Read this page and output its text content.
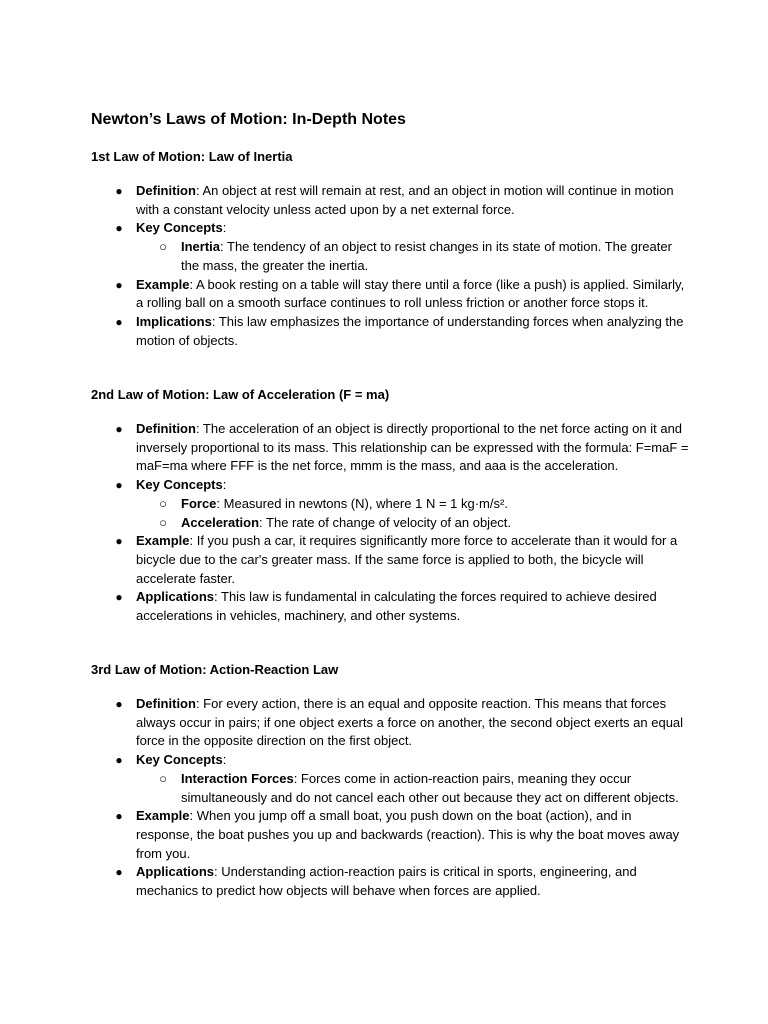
Newton’s Laws of Motion: In-Depth Notes
1st Law of Motion: Law of Inertia
● Definition: An object at rest will remain at rest, and an object in motion will continue in motion with a constant velocity unless acted upon by a net external force.
● Key Concepts:
○ Inertia: The tendency of an object to resist changes in its state of motion. The greater the mass, the greater the inertia.
● Example: A book resting on a table will stay there until a force (like a push) is applied. Similarly, a rolling ball on a smooth surface continues to roll unless friction or another force stops it.
● Implications: This law emphasizes the importance of understanding forces when analyzing the motion of objects.
2nd Law of Motion: Law of Acceleration (F = ma)
● Definition: The acceleration of an object is directly proportional to the net force acting on it and inversely proportional to its mass. This relationship can be expressed with the formula: F=maF = maF=ma where FFF is the net force, mmm is the mass, and aaa is the acceleration.
● Key Concepts:
○ Force: Measured in newtons (N), where 1 N = 1 kg·m/s².
○ Acceleration: The rate of change of velocity of an object.
● Example: If you push a car, it requires significantly more force to accelerate than it would for a bicycle due to the car's greater mass. If the same force is applied to both, the bicycle will accelerate faster.
● Applications: This law is fundamental in calculating the forces required to achieve desired accelerations in vehicles, machinery, and other systems.
3rd Law of Motion: Action-Reaction Law
● Definition: For every action, there is an equal and opposite reaction. This means that forces always occur in pairs; if one object exerts a force on another, the second object exerts an equal force in the opposite direction on the first object.
● Key Concepts:
○ Interaction Forces: Forces come in action-reaction pairs, meaning they occur simultaneously and do not cancel each other out because they act on different objects.
● Example: When you jump off a small boat, you push down on the boat (action), and in response, the boat pushes you up and backwards (reaction). This is why the boat moves away from you.
● Applications: Understanding action-reaction pairs is critical in sports, engineering, and mechanics to predict how objects will behave when forces are applied.
